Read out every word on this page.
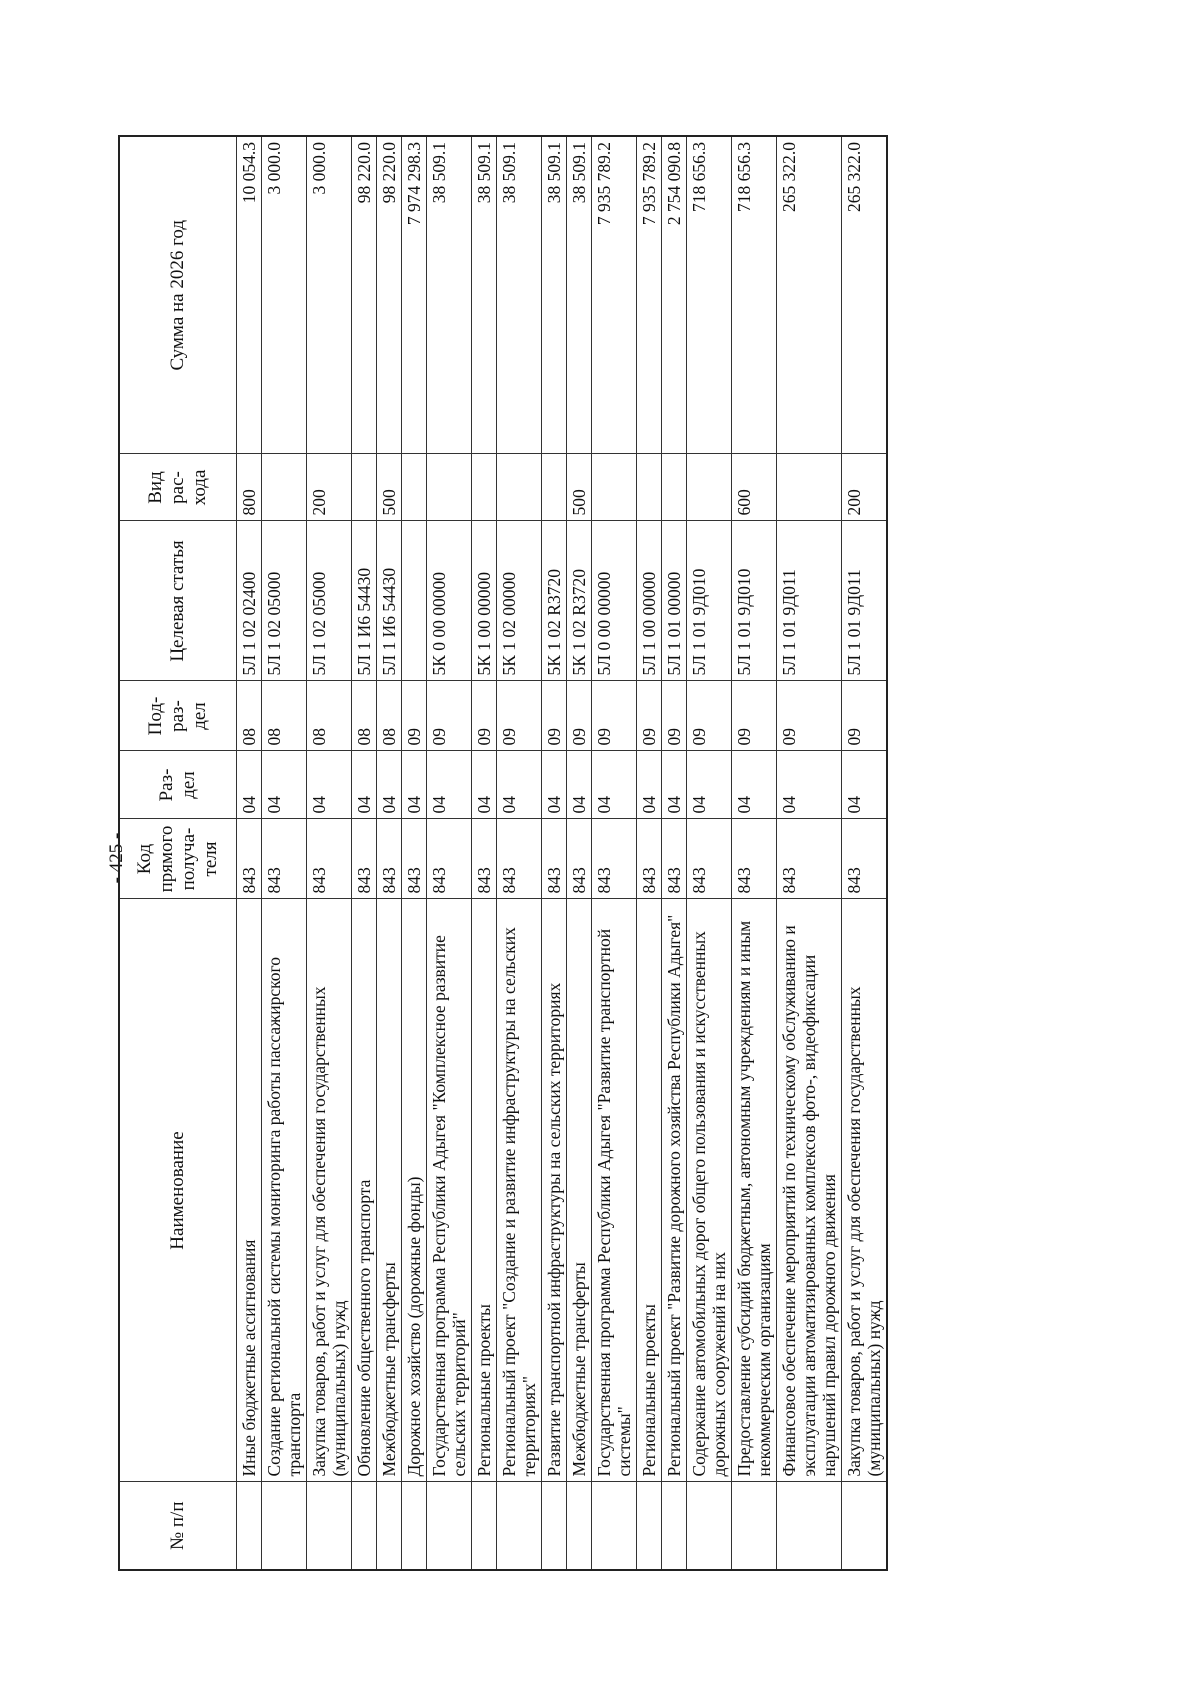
- 425 -
№ п/п	Наименование	Код прямого получа-теля	Раз-дел	Под-раз-дел	Целевая статья	Вид рас-хода	Сумма на 2026 год
	Иные бюджетные ассигнования	843	04	08	5Л 1 02 02400	800	10 054.3
	Создание региональной системы мониторинга работы пассажирского транспорта	843	04	08	5Л 1 02 05000		3 000.0
	Закупка товаров, работ и услуг для обеспечения государственных (муниципальных) нужд	843	04	08	5Л 1 02 05000	200	3 000.0
	Обновление общественного транспорта	843	04	08	5Л 1 И6 54430		98 220.0
	Межбюджетные трансферты	843	04	08	5Л 1 И6 54430	500	98 220.0
	Дорожное хозяйство (дорожные фонды)	843	04	09			7 974 298.3
	Государственная программа Республики Адыгея "Комплексное развитие сельских территорий"	843	04	09	5К 0 00 00000		38 509.1
	Региональные проекты	843	04	09	5К 1 00 00000		38 509.1
	Региональный проект "Создание и развитие инфраструктуры на сельских территориях"	843	04	09	5К 1 02 00000		38 509.1
	Развитие транспортной инфраструктуры на сельских территориях	843	04	09	5К 1 02 R3720		38 509.1
	Межбюджетные трансферты	843	04	09	5К 1 02 R3720	500	38 509.1
	Государственная программа Республики Адыгея "Развитие транспортной системы"	843	04	09	5Л 0 00 00000		7 935 789.2
	Региональные проекты	843	04	09	5Л 1 00 00000		7 935 789.2
	Региональный проект "Развитие дорожного хозяйства Республики Адыгея"	843	04	09	5Л 1 01 00000		2 754 090.8
	Содержание автомобильных дорог общего пользования и искусственных дорожных сооружений на них	843	04	09	5Л 1 01 9Д010		718 656.3
	Предоставление субсидий бюджетным, автономным учреждениям и иным некоммерческим организациям	843	04	09	5Л 1 01 9Д010	600	718 656.3
	Финансовое обеспечение мероприятий по техническому обслуживанию и эксплуатации автоматизированных комплексов фото-, видеофиксации нарушений правил дорожного движения	843	04	09	5Л 1 01 9Д011		265 322.0
	Закупка товаров, работ и услуг для обеспечения государственных (муниципальных) нужд	843	04	09	5Л 1 01 9Д011	200	265 322.0
